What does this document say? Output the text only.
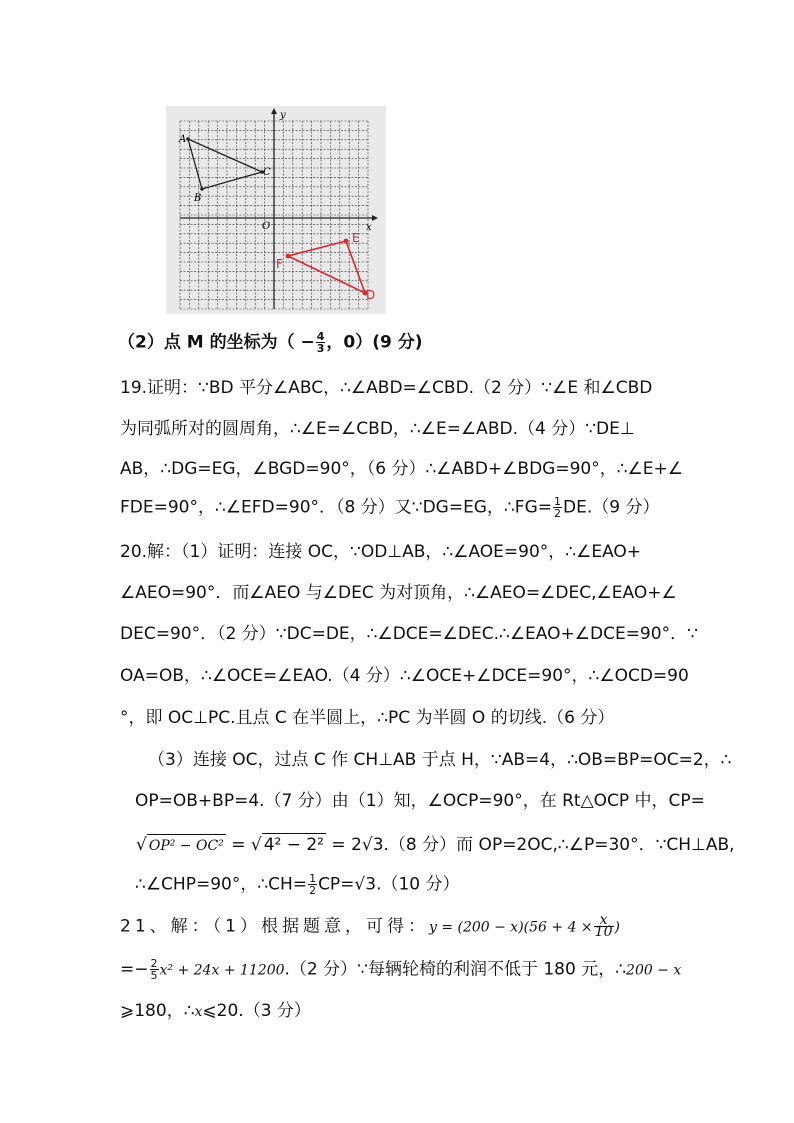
y
x
O
A
B
C
E
F
D
（2）点 M 的坐标为（ − $\frac{4}{3}$ ，0）(9 分)
19.证明：∵BD 平分∠ABC，∴∠ABD=∠CBD.（2 分）∵∠E 和∠CBD
为同弧所对的圆周角，∴∠E=∠CBD，∴∠E=∠ABD.（4 分）∵DE⊥
AB，∴DG=EG，∠BGD=90°，（6 分）∴∠ABD+∠BDG=90°，∴∠E+∠
FDE=90°，∴∠EFD=90°．（8 分）又∵DG=EG，∴FG= $\frac{1}{2} DE.(9$ 分）
20.解：（1）证明：连接 OC，∵OD⊥AB，∴∠AOE=90°，∴∠EAO+
∠AEO=90°．而∠AEO 与∠DEC 为对顶角，∴∠AEO=∠DEC,∠EAO+∠
DEC=90°．（2 分）∵DC=DE，∴∠DCE=∠DEC.∴∠EAO+∠DCE=90°．∵
OA=OB，∴∠OCE=∠EAO.（4 分）∴∠OCE+∠DCE=90°，∴∠OCD=90
°，即 OC⊥PC.且点 C 在半圆上，∴PC 为半圆 O 的切线.（6 分）
（3）连接 OC，过点 C 作 CH⊥AB 于点 H，∵AB=4，∴OB=BP=OC=2，∴
OP=OB+BP=4.（7 分）由（1）知，∠OCP=90°，在 Rt△OCP 中，CP=
√ OP² − OC² = √ 4² − 2² = 2√3.（8 分）而 OP=2OC,∴∠P=30°．∵CH⊥AB,
∴∠CHP=90°，∴CH= $\frac{1}{2} CP=√3.(10$ 分）
21、解：（1）根据题意，可得：$y = (200 - x)(56 + 4 \times \frac{x}{10}$ )
=− $\frac{2}{5} x^2 + 24x + 11200.(2$ 分）∵每辆轮椅的利润不低于 180 元，∴200 − x
⩾180，∴x⩽20.（3 分）
